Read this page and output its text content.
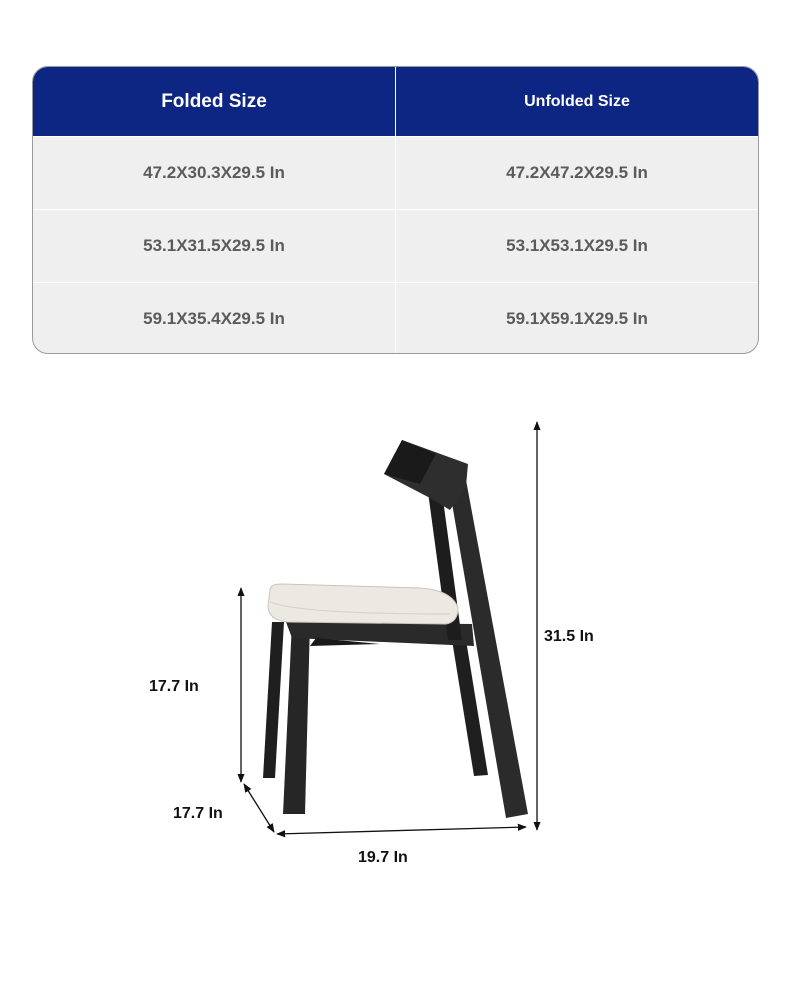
Folded Size	Unfolded Size
47.2X30.3X29.5 In	47.2X47.2X29.5 In
53.1X31.5X29.5 In	53.1X53.1X29.5 In
59.1X35.4X29.5 In	59.1X59.1X29.5 In
17.7 In
31.5 In
17.7 In
19.7 In
